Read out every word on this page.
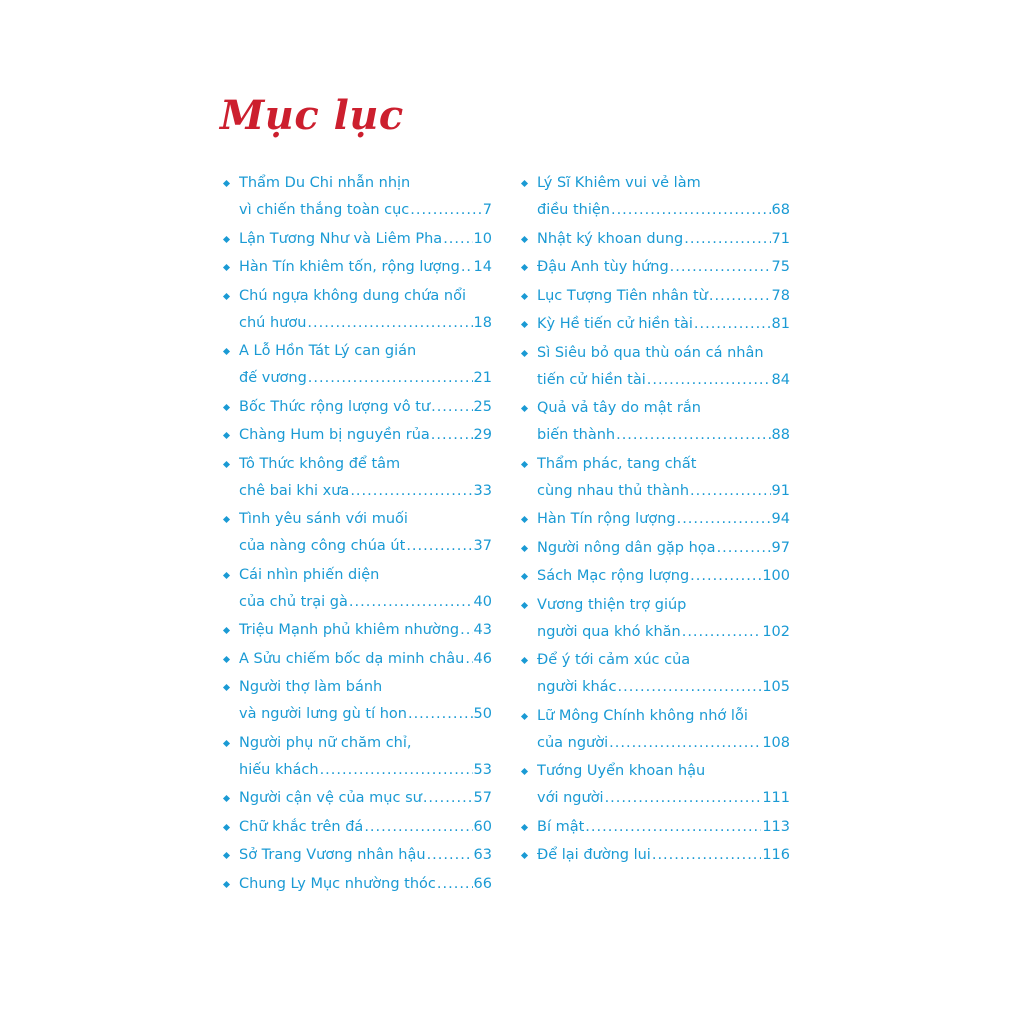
Mục lục
Thẩm Du Chi nhẫn nhịn
vì chiến thắng toàn cục .....	7
Lận Tương Như và Liêm Pha ..... 10
Hàn Tín khiêm tốn, rộng lượng ..... 14
Chú ngựa không dung chứa nổi
chú hươu .....	18
A Lỗ Hồn Tát Lý can gián
đế vương .....	21
Bốc Thức rộng lượng vô tư .....	25
Chàng Hum bị nguyền rủa .....	29
Tô Thức không để tâm
chê bai khi xưa .....	33
Tình yêu sánh với muối
của nàng công chúa út .....	37
Cái nhìn phiến diện
của chủ trại gà .....	40
Triệu Mạnh phủ khiêm nhường ..... 43
A Sửu chiếm bốc dạ minh châu ..... 46
Người thợ làm bánh
và người lưng gù tí hon .....	50
Người phụ nữ chăm chỉ,
hiếu khách .....	53
Người cận vệ của mục sư .....	57
Chữ khắc trên đá .....	60
Sở Trang Vương nhân hậu .....	63
Chung Ly Mục nhường thóc .....	66
Lý Sĩ Khiêm vui vẻ làm
điều thiện .....	68
Nhật ký khoan dung .....	71
Đậu Anh tùy hứng .....	75
Lục Tượng Tiên nhân từ .....	78
Kỳ Hề tiến cử hiền tài .....	81
Sì Siêu bỏ qua thù oán cá nhân
tiến cử hiền tài .....	84
Quả vả tây do mật rắn
biến thành .....	88
Thẩm phác, tang chất
cùng nhau thủ thành .....	91
Hàn Tín rộng lượng .....	94
Người nông dân gặp họa .....	97
Sách Mạc rộng lượng .....	100
Vương thiện trợ giúp
người qua khó khăn .....	102
Để ý tới cảm xúc của
người khác .....	105
Lữ Mông Chính không nhớ lỗi
của người .....	108
Tướng Uyển khoan hậu
với người .....	111
Bí mật .....	113
Để lại đường lui .....	116
